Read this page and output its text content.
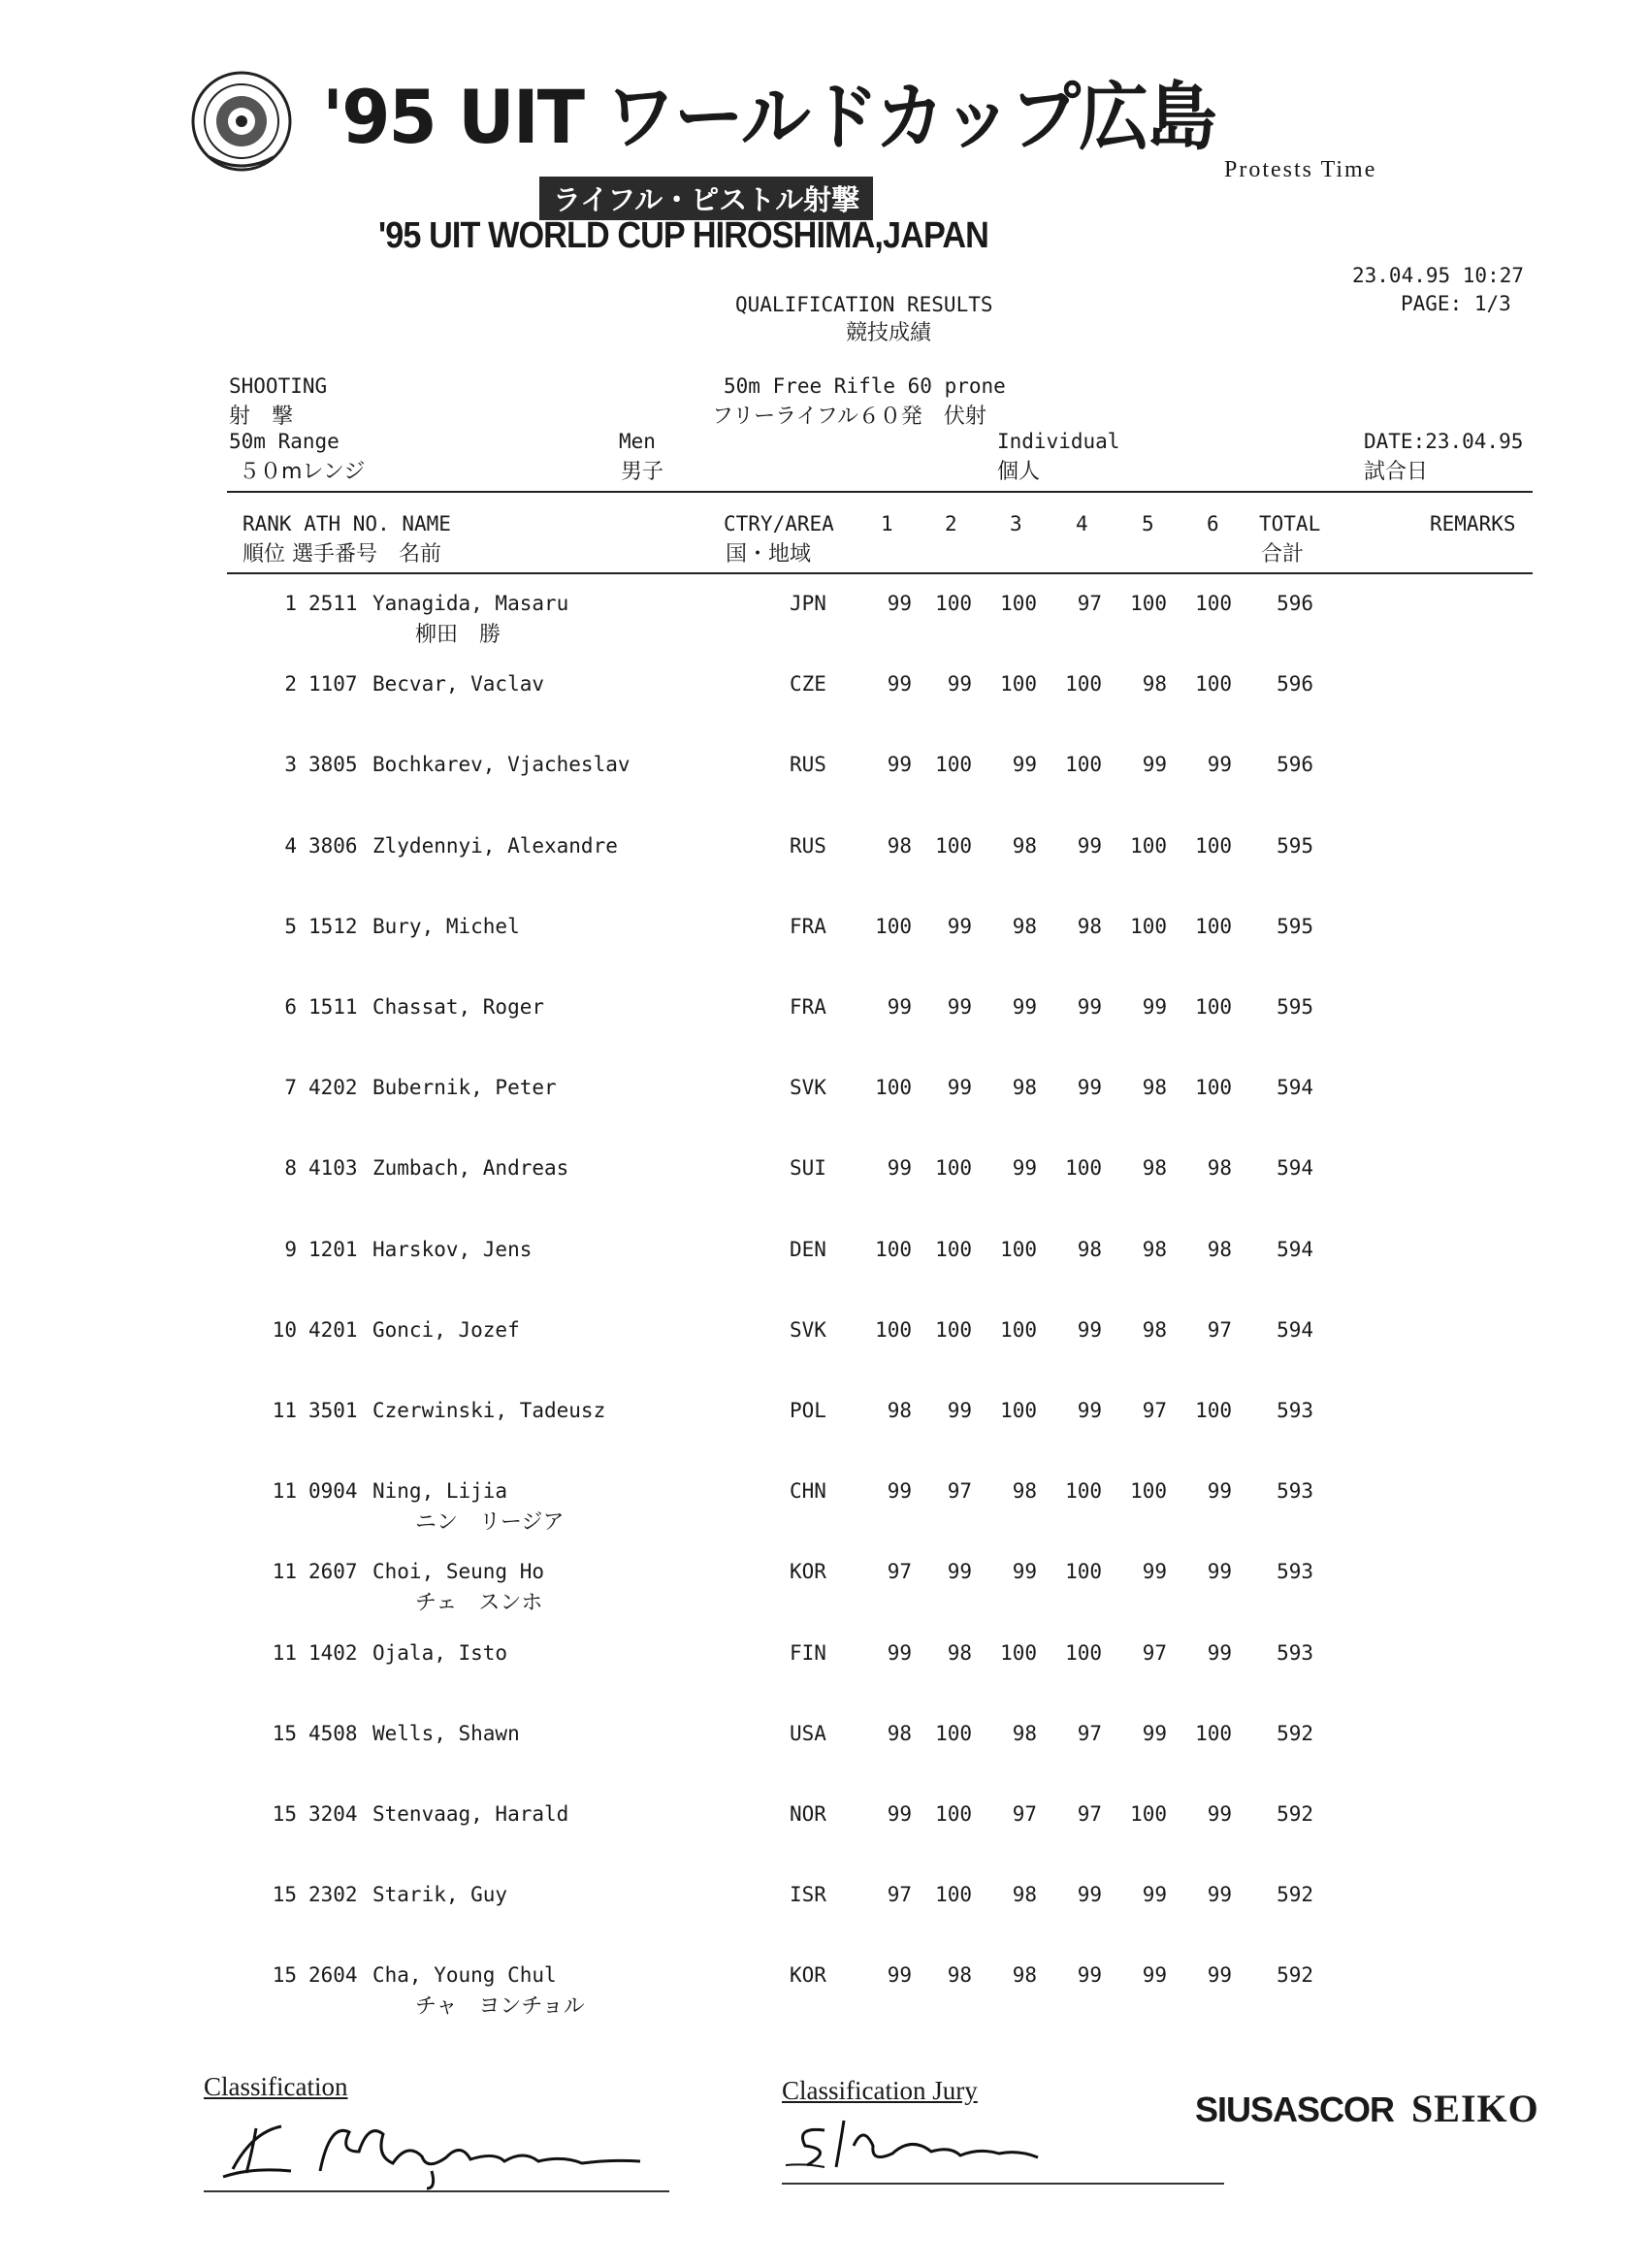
'95 UIT ワールドカップ広島
ライフル・ピストル射撃
'95 UIT WORLD CUP HIROSHIMA,JAPAN
Protests Time
23.04.95 10:27
PAGE: 1/3
QUALIFICATION RESULTS
競技成績
SHOOTING
射　撃
50m Free Rifle 60 prone
フリーライフル６０発　伏射
50m Range
５０mレンジ
Men
男子
Individual
個人
DATE:23.04.95
試合日
RANK ATH NO. NAME
順位 選手番号　名前
CTRY/AREA
国・地域
1	2	3	4	5	6 TOTAL
合計
REMARKS
1 2511 Yanagida, Masaru
柳田　勝
JPN	99	100	100	97	100	100	596
2 1107 Becvar, Vaclav	CZE	99	99	100	100	98	100	596
3 3805 Bochkarev, Vjacheslav	RUS	99	100	99	100	99	99	596
4 3806 Zlydennyi, Alexandre	RUS	98	100	98	99	100	100	595
5 1512 Bury, Michel	FRA	100	99	98	98	100	100	595
6 1511 Chassat, Roger	FRA	99	99	99	99	99	100	595
7 4202 Bubernik, Peter	SVK	100	99	98	99	98	100	594
8 4103 Zumbach, Andreas	SUI	99	100	99	100	98	98	594
9 1201 Harskov, Jens	DEN	100	100	100	98	98	98	594
10 4201 Gonci, Jozef	SVK	100	100	100	99	98	97	594
11 3501 Czerwinski, Tadeusz	POL	98	99	100	99	97	100	593
11 0904 Ning, Lijia
ニン　リージア
CHN	99	97	98	100	100	99	593
11 2607 Choi, Seung Ho
チェ　スンホ
KOR	97	99	99	100	99	99	593
11 1402 Ojala, Isto	FIN	99	98	100	100	97	99	593
15 4508 Wells, Shawn	USA	98	100	98	97	99	100	592
15 3204 Stenvaag, Harald	NOR	99	100	97	97	100	99	592
15 2302 Starik, Guy	ISR	97	100	98	99	99	99	592
15 2604 Cha, Young Chul
チャ　ヨンチョル
KOR	99	98	98	99	99	99	592
Classification	Classification Jury	SIUSASCOR SEIKO
